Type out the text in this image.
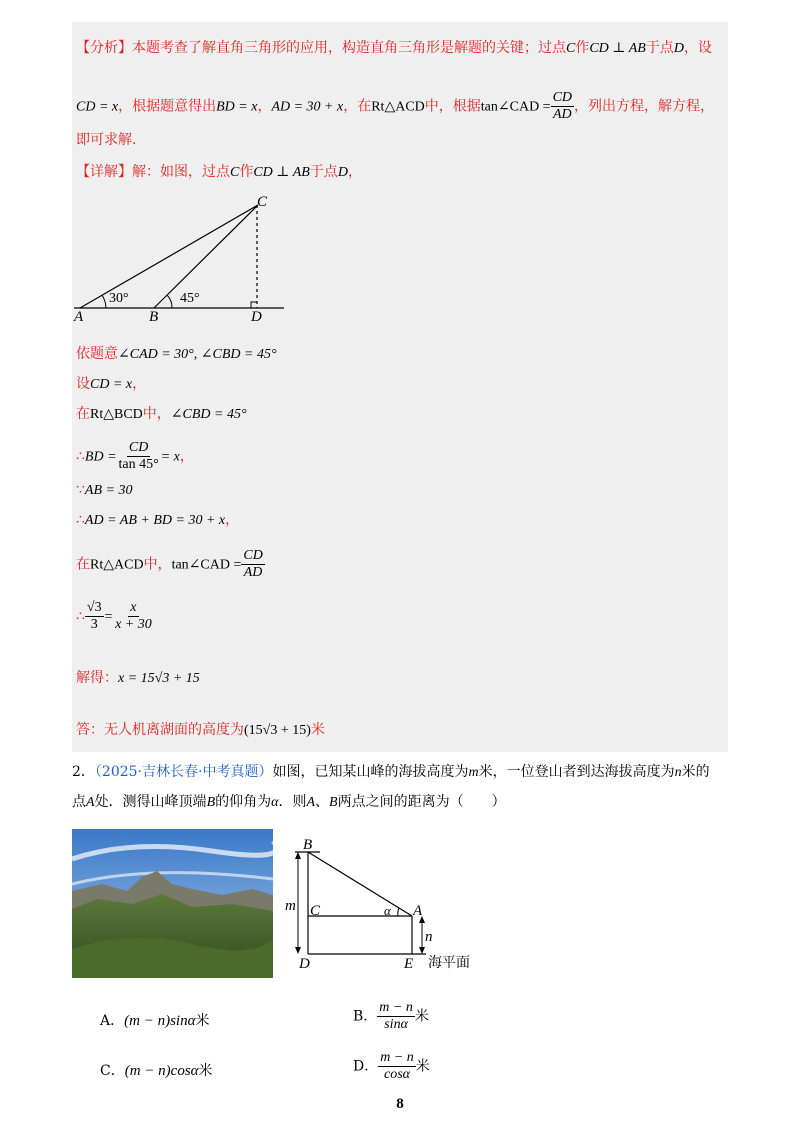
【分析】本题考查了解直角三角形的应用，构造直角三角形是解题的关键；过点C作CD ⊥ AB于点D，设
CD = x，根据题意得出BD = x，AD = 30 + x，在Rt△ACD中，根据tan∠CAD = $\frac{CD}{AD}$ ，列出方程，解方程，
即可求解.
【详解】解：如图，过点C作CD ⊥ AB于点D，
C
A	B	D
30°	45°
依题意∠CAD = 30°, ∠CBD = 45°
设CD = x，
在Rt△BCD中，∠CBD = 45°
∴BD = $\frac{CD}{\tan 45^\circ} = x$，
∵AB = 30
∴AD = AB + BD = 30 + x，
在Rt△ACD中，tan∠CAD = $\frac{CD}{AD}$
∴ $\frac{√3}{3} = \frac{x}{x + 30}$
解得：x = 15√3 + 15
答：无人机离湖面的高度为(15√3 + 15)米
2．（2025·吉林长春·中考真题）如图，已知某山峰的海拔高度为m米，一位登山者到达海拔高度为n米的
点A处．测得山峰顶端B的仰角为α．则A、B两点之间的距离为（　　）
B
C	A
D	E
m
n
α
海平面
A．(m − n)sinα米	B． $\frac{m - n}{\sin\alpha}$ 米
C．(m − n)cosα米	D． $\frac{m - n}{\cos\alpha}$ 米
8
